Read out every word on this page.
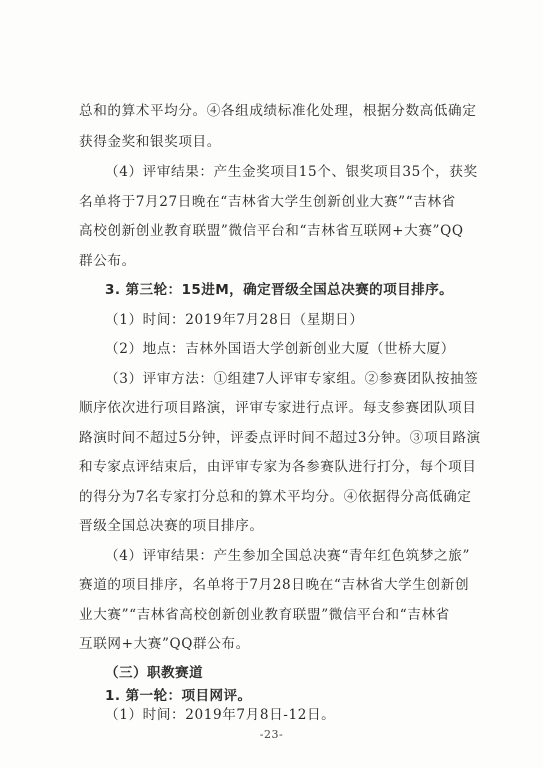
总和的算术平均分。④各组成绩标准化处理，根据分数高低确定
获得金奖和银奖项目。
（4）评审结果：产生金奖项目15个、银奖项目35个，获奖
名单将于7月27日晚在“吉林省大学生创新创业大赛”“吉林省
高校创新创业教育联盟”微信平台和“吉林省互联网+大赛”QQ
群公布。
3. 第三轮：15进M，确定晋级全国总决赛的项目排序。
（1）时间：2019年7月28日（星期日）
（2）地点：吉林外国语大学创新创业大厦（世桥大厦）
（3）评审方法：①组建7人评审专家组。②参赛团队按抽签
顺序依次进行项目路演，评审专家进行点评。每支参赛团队项目
路演时间不超过5分钟，评委点评时间不超过3分钟。③项目路演
和专家点评结束后，由评审专家为各参赛队进行打分，每个项目
的得分为7名专家打分总和的算术平均分。④依据得分高低确定
晋级全国总决赛的项目排序。
（4）评审结果：产生参加全国总决赛“青年红色筑梦之旅”
赛道的项目排序，名单将于7月28日晚在“吉林省大学生创新创
业大赛”“吉林省高校创新创业教育联盟”微信平台和“吉林省
互联网+大赛”QQ群公布。
（三）职教赛道
1. 第一轮：项目网评。
-23-
（1）时间：2019年7月8日-12日。
